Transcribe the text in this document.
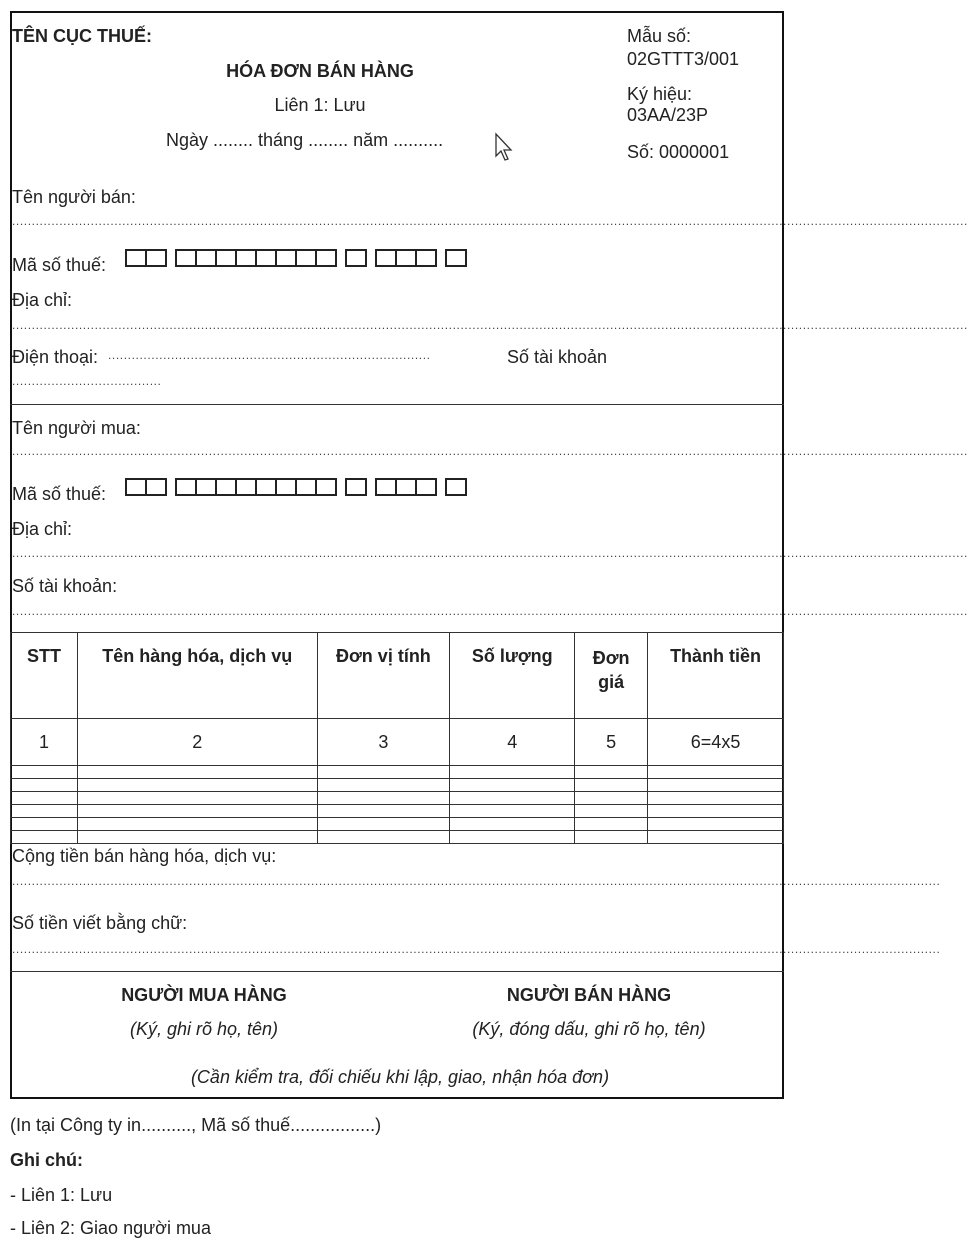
TÊN CỤC THUẾ:
HÓA ĐƠN BÁN HÀNG
Liên 1: Lưu
Ngày ........ tháng ........ năm ..........
Mẫu số:
02GTTT3/001
Ký hiệu:
03AA/23P
Số: 0000001
Tên người bán:
...................................................................................................................................................................................................................................................
Mã số thuế:
Địa chỉ:
...................................................................................................................................................................................................................................................
Điện thoại: ..................................................................................	Số tài khoản
......................................
Tên người mua:
...................................................................................................................................................................................................................................................
Mã số thuế:
Địa chỉ:
...................................................................................................................................................................................................................................................
Số tài khoản:
...................................................................................................................................................................................................................................................
STT	Tên hàng hóa, dịch vụ	Đơn vị tính	Số lượng	Đơn giá	Thành tiền
1	2	3	4	5	6=4x5

Cộng tiền bán hàng hóa, dịch vụ:
............................................................................................................................................................................................................................................
Số tiền viết bằng chữ:
............................................................................................................................................................................................................................................
NGƯỜI MUA HÀNG
(Ký, ghi rõ họ, tên)
NGƯỜI BÁN HÀNG
(Ký, đóng dấu, ghi rõ họ, tên)
(Cần kiểm tra, đối chiếu khi lập, giao, nhận hóa đơn)
(In tại Công ty in.........., Mã số thuế.................)
Ghi chú:
- Liên 1: Lưu
- Liên 2: Giao người mua
